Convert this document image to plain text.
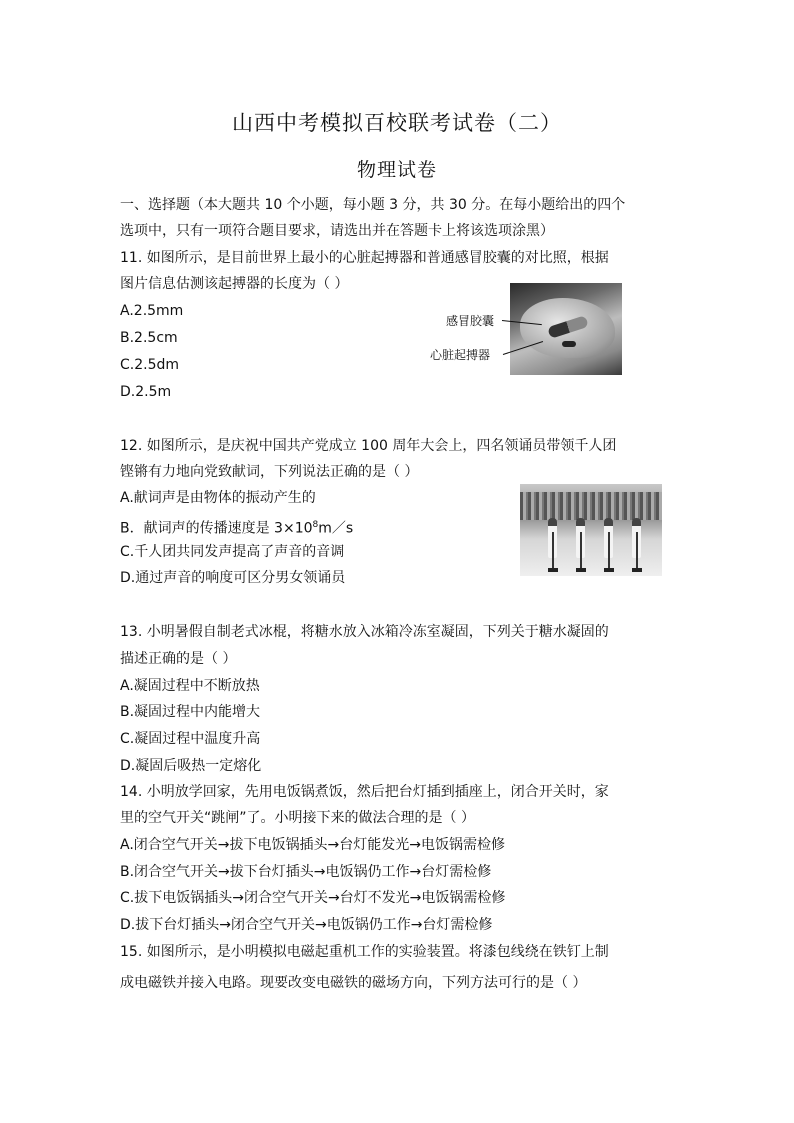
山西中考模拟百校联考试卷（二）
物理试卷
一、选择题（本大题共 10 个小题，每小题 3 分，共 30 分。在每小题给出的四个
选项中，只有一项符合题目要求，请选出并在答题卡上将该选项涂黑）
11. 如图所示，是目前世界上最小的心脏起搏器和普通感冒胶囊的对比照，根据
图片信息估测该起搏器的长度为（ ）
A.2.5mm
B.2.5cm
C.2.5dm
D.2.5m
感冒胶囊
心脏起搏器
12. 如图所示，是庆祝中国共产党成立 100 周年大会上，四名领诵员带领千人团
铿锵有力地向党致献词，下列说法正确的是（ ）
A.献词声是由物体的振动产生的
B．献词声的传播速度是 $3\times 10^8m/s$
C.千人团共同发声提高了声音的音调
D.通过声音的响度可区分男女领诵员
13. 小明暑假自制老式冰棍，将糖水放入冰箱冷冻室凝固，下列关于糖水凝固的
描述正确的是（ ）
A.凝固过程中不断放热
B.凝固过程中内能增大
C.凝固过程中温度升高
D.凝固后吸热一定熔化
14. 小明放学回家，先用电饭锅煮饭，然后把台灯插到插座上，闭合开关时，家
里的空气开关“跳闸”了。小明接下来的做法合理的是（ ）
A.闭合空气开关→拔下电饭锅插头→台灯能发光→电饭锅需检修
B.闭合空气开关→拔下台灯插头→电饭锅仍工作→台灯需检修
C.拔下电饭锅插头→闭合空气开关→台灯不发光→电饭锅需检修
D.拔下台灯插头→闭合空气开关→电饭锅仍工作→台灯需检修
15. 如图所示，是小明模拟电磁起重机工作的实验装置。将漆包线绕在铁钉上制
成电磁铁并接入电路。现要改变电磁铁的磁场方向，下列方法可行的是（ ）
